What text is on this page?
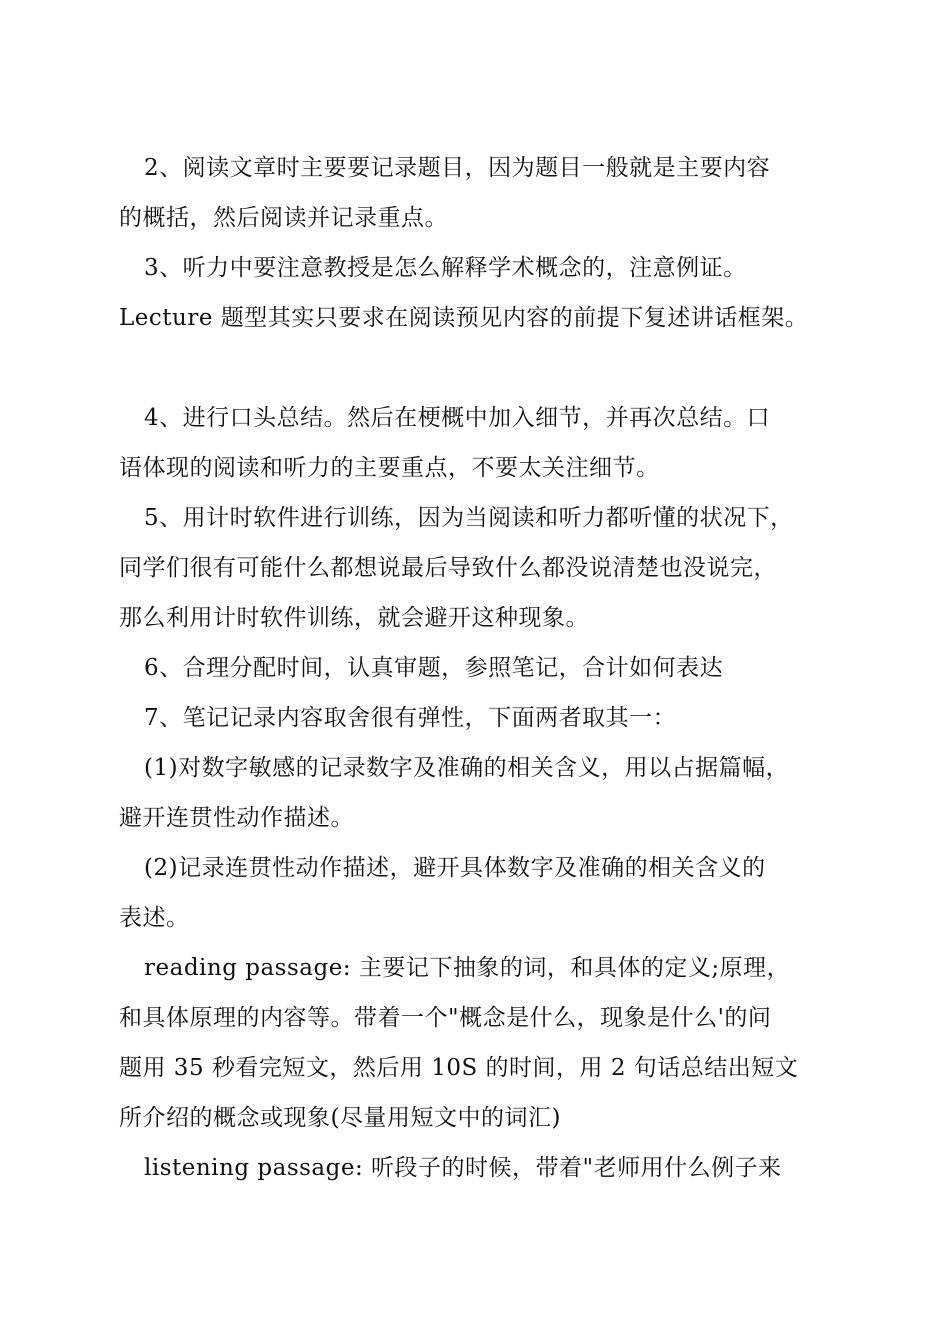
2、阅读文章时主要要记录题目，因为题目一般就是主要内容
的概括，然后阅读并记录重点。
3、听力中要注意教授是怎么解释学术概念的，注意例证。
Lecture 题型其实只要求在阅读预见内容的前提下复述讲话框架。
4、进行口头总结。然后在梗概中加入细节，并再次总结。口
语体现的阅读和听力的主要重点，不要太关注细节。
5、用计时软件进行训练，因为当阅读和听力都听懂的状况下，
同学们很有可能什么都想说最后导致什么都没说清楚也没说完，
那么利用计时软件训练，就会避开这种现象。
6、合理分配时间，认真审题，参照笔记，合计如何表达
7、笔记记录内容取舍很有弹性，下面两者取其一：
(1)对数字敏感的记录数字及准确的相关含义，用以占据篇幅，
避开连贯性动作描述。
(2)记录连贯性动作描述，避开具体数字及准确的相关含义的
表述。
reading passage: 主要记下抽象的词，和具体的定义;原理，
和具体原理的内容等。带着一个"概念是什么，现象是什么'的问
题用 35 秒看完短文，然后用 10S 的时间，用 2 句话总结出短文
所介绍的概念或现象(尽量用短文中的词汇)
listening passage: 听段子的时候，带着"老师用什么例子来
